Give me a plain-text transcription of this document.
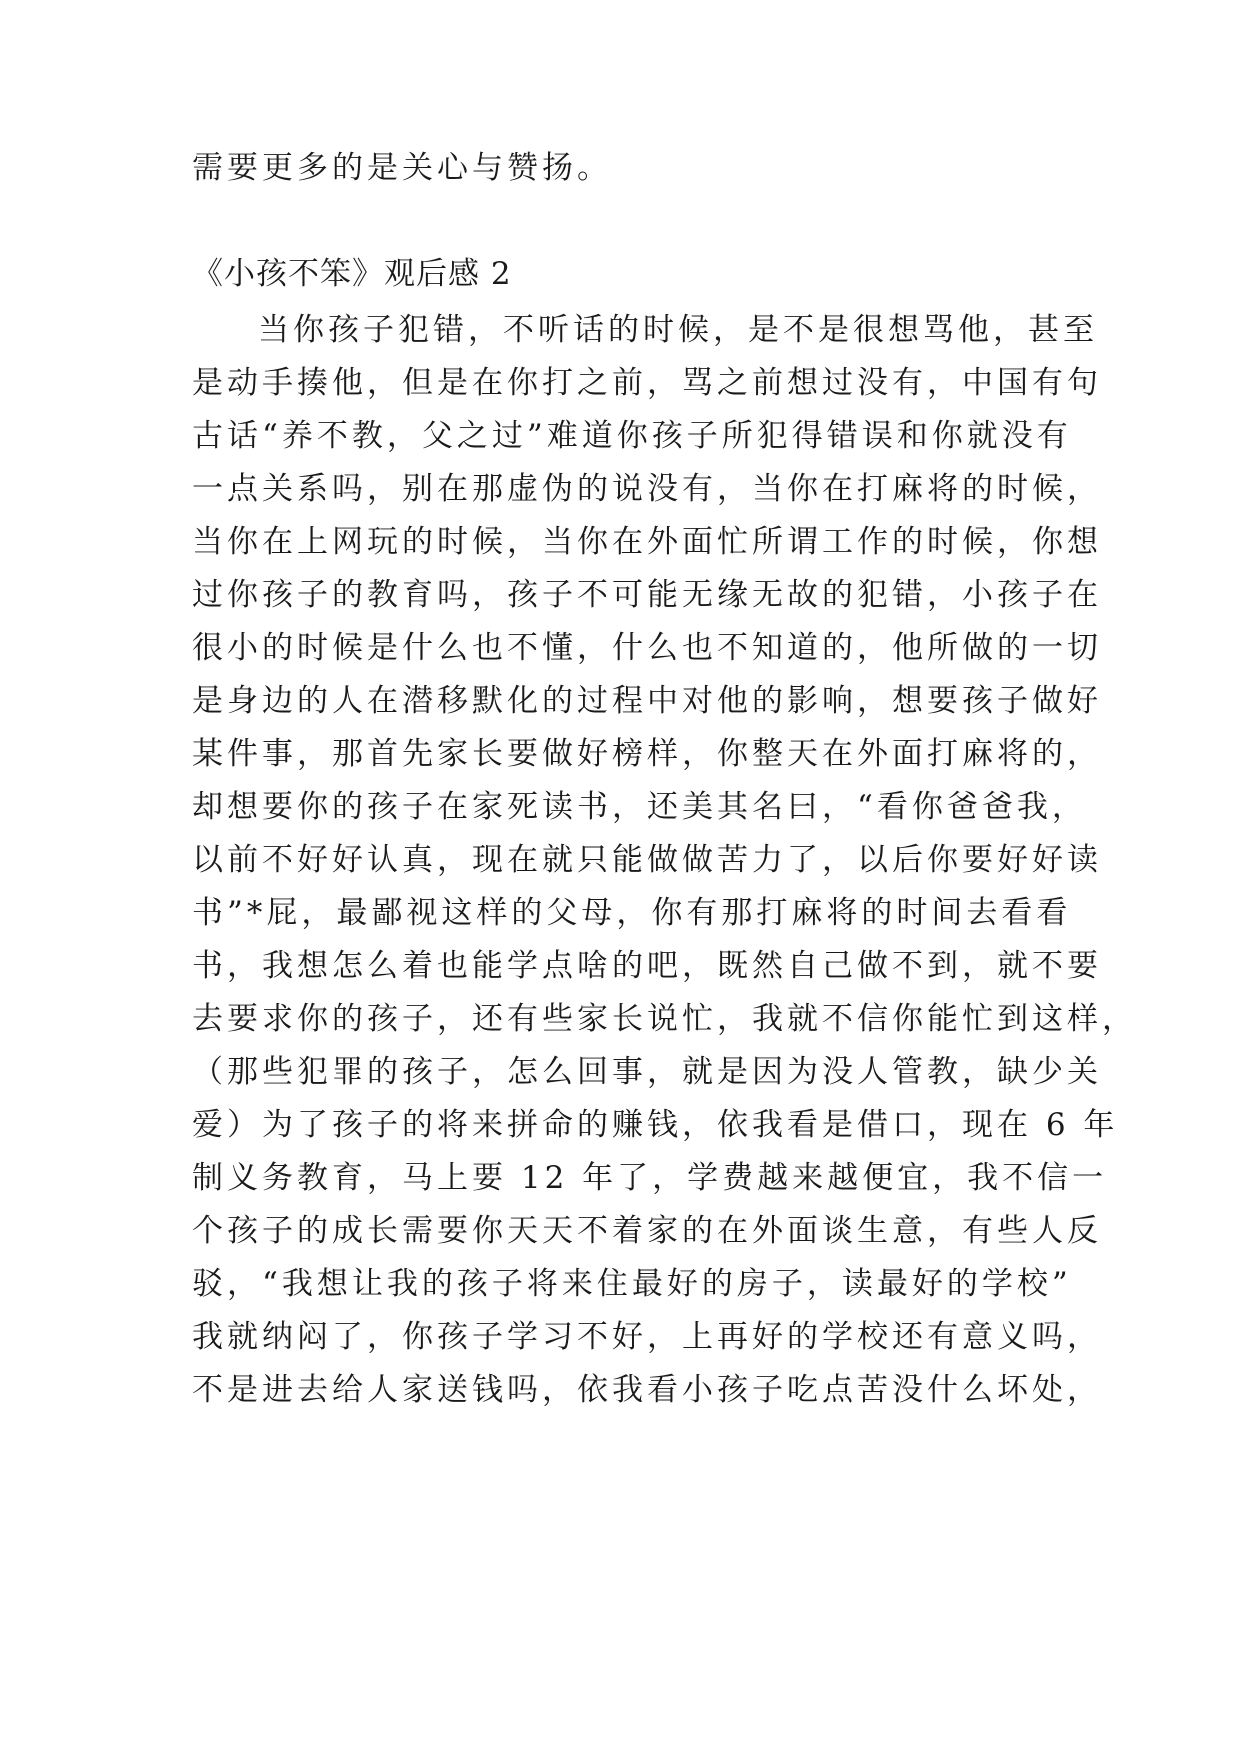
需要更多的是关心与赞扬。
《小孩不笨》观后感 2
当你孩子犯错，不听话的时候，是不是很想骂他，甚至
是动手揍他，但是在你打之前，骂之前想过没有，中国有句
古话“养不教，父之过”难道你孩子所犯得错误和你就没有
一点关系吗，别在那虚伪的说没有，当你在打麻将的时候，
当你在上网玩的时候，当你在外面忙所谓工作的时候，你想
过你孩子的教育吗，孩子不可能无缘无故的犯错，小孩子在
很小的时候是什么也不懂，什么也不知道的，他所做的一切
是身边的人在潜移默化的过程中对他的影响，想要孩子做好
某件事，那首先家长要做好榜样，你整天在外面打麻将的，
却想要你的孩子在家死读书，还美其名曰，“看你爸爸我，
以前不好好认真，现在就只能做做苦力了，以后你要好好读
书”*屁，最鄙视这样的父母，你有那打麻将的时间去看看
书，我想怎么着也能学点啥的吧，既然自己做不到，就不要
去要求你的孩子，还有些家长说忙，我就不信你能忙到这样，
（那些犯罪的孩子，怎么回事，就是因为没人管教，缺少关
爱）为了孩子的将来拼命的赚钱，依我看是借口，现在 6 年
制义务教育，马上要 12 年了，学费越来越便宜，我不信一
个孩子的成长需要你天天不着家的在外面谈生意，有些人反
驳，“我想让我的孩子将来住最好的房子，读最好的学校”
我就纳闷了，你孩子学习不好，上再好的学校还有意义吗，
不是进去给人家送钱吗，依我看小孩子吃点苦没什么坏处，
